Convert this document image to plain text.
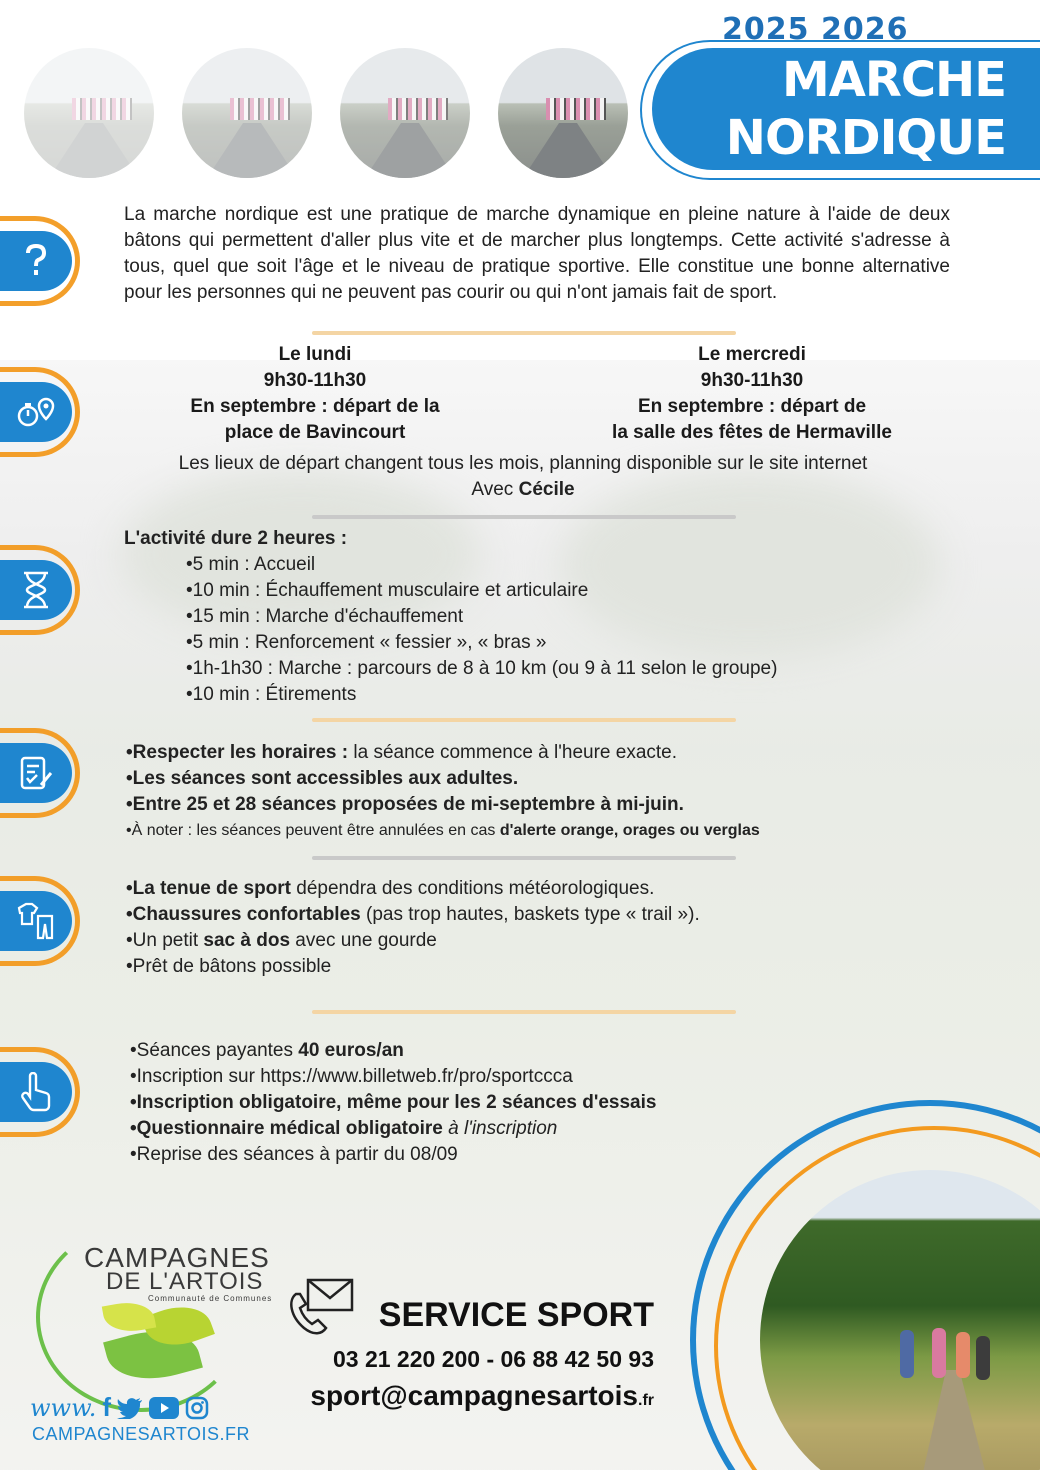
2025 2026
MARCHE
NORDIQUE
La marche nordique est une pratique de marche dynamique en pleine nature à l'aide de deux bâtons qui permettent d'aller plus vite et de marcher plus longtemps. Cette activité s'adresse à tous, quel que soit l'âge et le niveau de pratique sportive. Elle constitue une bonne alternative pour les personnes qui ne peuvent pas courir ou qui n'ont jamais fait de sport.
Le lundi
9h30-11h30
En septembre : départ de la
place de Bavincourt
Le mercredi
9h30-11h30
En septembre : départ de
la salle des fêtes de Hermaville
Les lieux de départ changent tous les mois, planning disponible sur le site internet
Avec Cécile
L'activité dure 2 heures :
•5 min : Accueil
•10 min : Échauffement musculaire et articulaire
•15 min : Marche d'échauffement
•5 min : Renforcement « fessier », « bras »
•1h-1h30 : Marche : parcours de 8 à 10 km (ou 9 à 11 selon le groupe)
•10 min : Étirements
•Respecter les horaires : la séance commence à l'heure exacte.
•Les séances sont accessibles aux adultes.
•Entre 25 et 28 séances proposées de mi-septembre à mi-juin.
•À noter : les séances peuvent être annulées en cas d'alerte orange, orages ou verglas
•La tenue de sport dépendra des conditions météorologiques.
•Chaussures confortables (pas trop hautes, baskets type « trail »).
•Un petit sac à dos avec une gourde
•Prêt de bâtons possible
•Séances payantes 40 euros/an
•Inscription sur https://www.billetweb.fr/pro/sportccca
•Inscription obligatoire, même pour les 2 séances d'essais
•Questionnaire médical obligatoire à l'inscription
•Reprise des séances à partir du 08/09
CAMPAGNES
DE L'ARTOIS
Communauté de Communes
www. f
CAMPAGNESARTOIS.FR
SERVICE SPORT
03 21 220 200 - 06 88 42 50 93
sport@campagnesartois.fr
